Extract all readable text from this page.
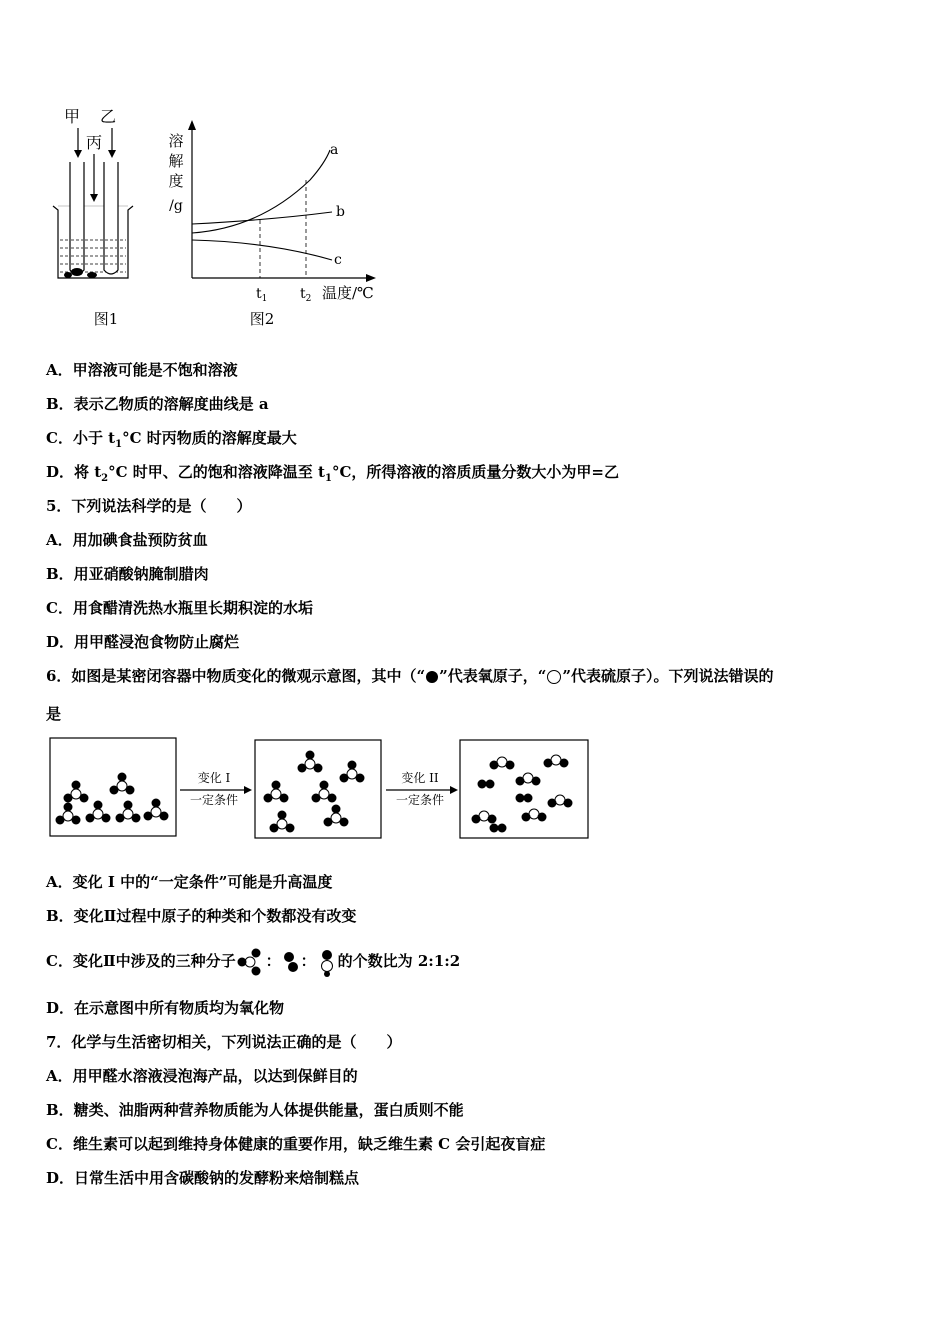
甲 乙
丙
图1
溶
解
度
/g
a
b
c
$t_1$ $t_2$ 温度/℃
图2
A．甲溶液可能是不饱和溶液
B．表示乙物质的溶解度曲线是 a
C．小于 $t_1^\circ C$ 时丙物质的溶解度最大
D．将 $t_2^\circ C$ 时甲、乙的饱和溶液降温至 $t_1^\circ C$，所得溶液的溶质质量分数大小为甲=乙
5．下列说法科学的是（　　）
A．用加碘食盐预防贫血
B．用亚硝酸钠腌制腊肉
C．用食醋清洗热水瓶里长期积淀的水垢
D．用甲醛浸泡食物防止腐烂
6．如图是某密闭容器中物质变化的微观示意图，其中（“ ”代表氧原子，“ ”代表硫原子）。下列说法错误的
是
变化 I
一定条件
变化 II
一定条件
A．变化 I 中的“一定条件”可能是升高温度
B．变化Ⅱ过程中原子的种类和个数都没有改变
C．变化Ⅱ中涉及的三种分子 ： ： 的个数比为 2:1:2
D．在示意图中所有物质均为氧化物
7．化学与生活密切相关，下列说法正确的是（　　）
A．用甲醛水溶液浸泡海产品，以达到保鲜目的
B．糖类、油脂两种营养物质能为人体提供能量，蛋白质则不能
C．维生素可以起到维持身体健康的重要作用，缺乏维生素 C 会引起夜盲症
D．日常生活中用含碳酸钠的发酵粉来焙制糕点
